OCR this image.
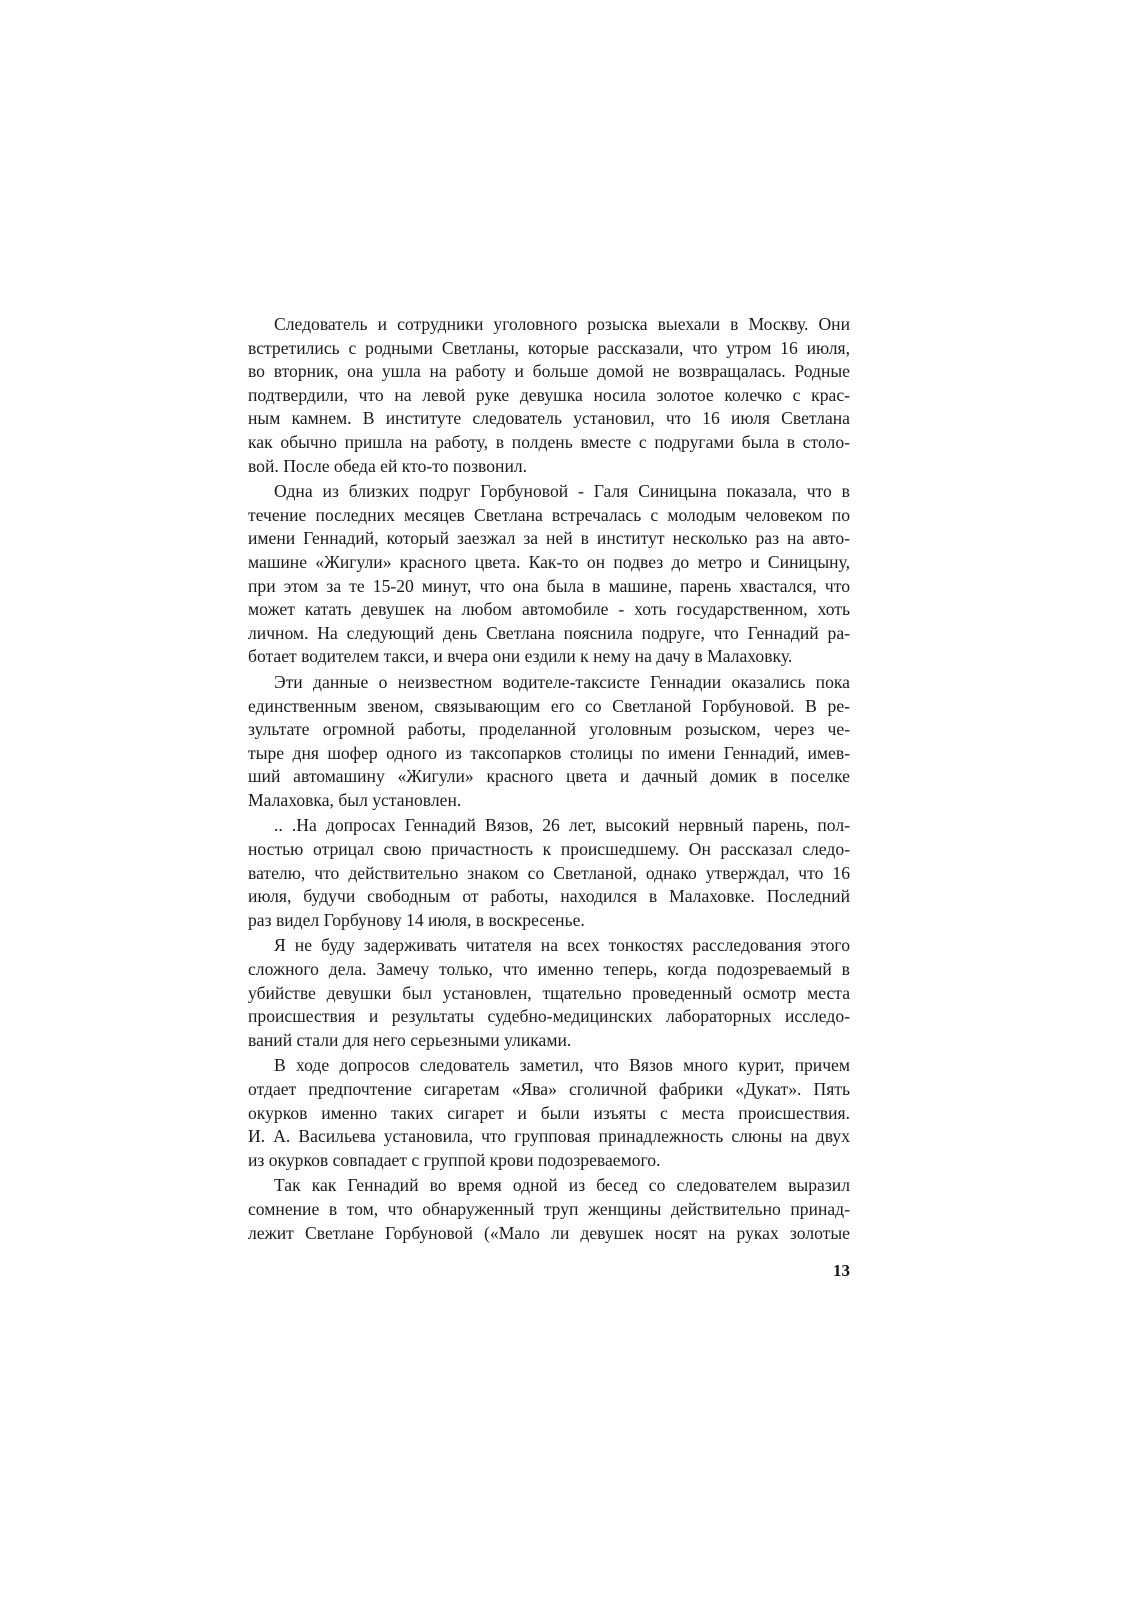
Следователь и сотрудники уголовного розыска выехали в Москву. Они
встретились с родными Светланы, которые рассказали, что утром 16 июля,
во вторник, она ушла на работу и больше домой не возвращалась. Родные
подтвердили, что на левой руке девушка носила золотое колечко с крас-
ным камнем. В институте следователь установил, что 16 июля Светлана
как обычно пришла на работу, в полдень вместе с подругами была в столо-
вой. После обеда ей кто-то позвонил.
Одна из близких подруг Горбуновой - Галя Синицына показала, что в
течение последних месяцев Светлана встречалась с молодым человеком по
имени Геннадий, который заезжал за ней в институт несколько раз на авто-
машине «Жигули» красного цвета. Как-то он подвез до метро и Синицыну,
при этом за те 15-20 минут, что она была в машине, парень хвастался, что
может катать девушек на любом автомобиле - хоть государственном, хоть
личном. На следующий день Светлана пояснила подруге, что Геннадий ра-
ботает водителем такси, и вчера они ездили к нему на дачу в Малаховку.
Эти данные о неизвестном водителе-таксисте Геннадии оказались пока
единственным звеном, связывающим его со Светланой Горбуновой. В ре-
зультате огромной работы, проделанной уголовным розыском, через че-
тыре дня шофер одного из таксопарков столицы по имени Геннадий, имев-
ший автомашину «Жигули» красного цвета и дачный домик в поселке
Малаховка, был установлен.
.. .На допросах Геннадий Вязов, 26 лет, высокий нервный парень, пол-
ностью отрицал свою причастность к происшедшему. Он рассказал следо-
вателю, что действительно знаком со Светланой, однако утверждал, что 16
июля, будучи свободным от работы, находился в Малаховке. Последний
раз видел Горбунову 14 июля, в воскресенье.
Я не буду задерживать читателя на всех тонкостях расследования этого
сложного дела. Замечу только, что именно теперь, когда подозреваемый в
убийстве девушки был установлен, тщательно проведенный осмотр места
происшествия и результаты судебно-медицинских лабораторных исследо-
ваний стали для него серьезными уликами.
В ходе допросов следователь заметил, что Вязов много курит, причем
отдает предпочтение сигаретам «Ява» сголичной фабрики «Дукат». Пять
окурков именно таких сигарет и были изъяты с места происшествия.
И. А. Васильева установила, что групповая принадлежность слюны на двух
из окурков совпадает с группой крови подозреваемого.
Так как Геннадий во время одной из бесед со следователем выразил
сомнение в том, что обнаруженный труп женщины действительно принад-
лежит Светлане Горбуновой («Мало ли девушек носят на руках золотые
13
